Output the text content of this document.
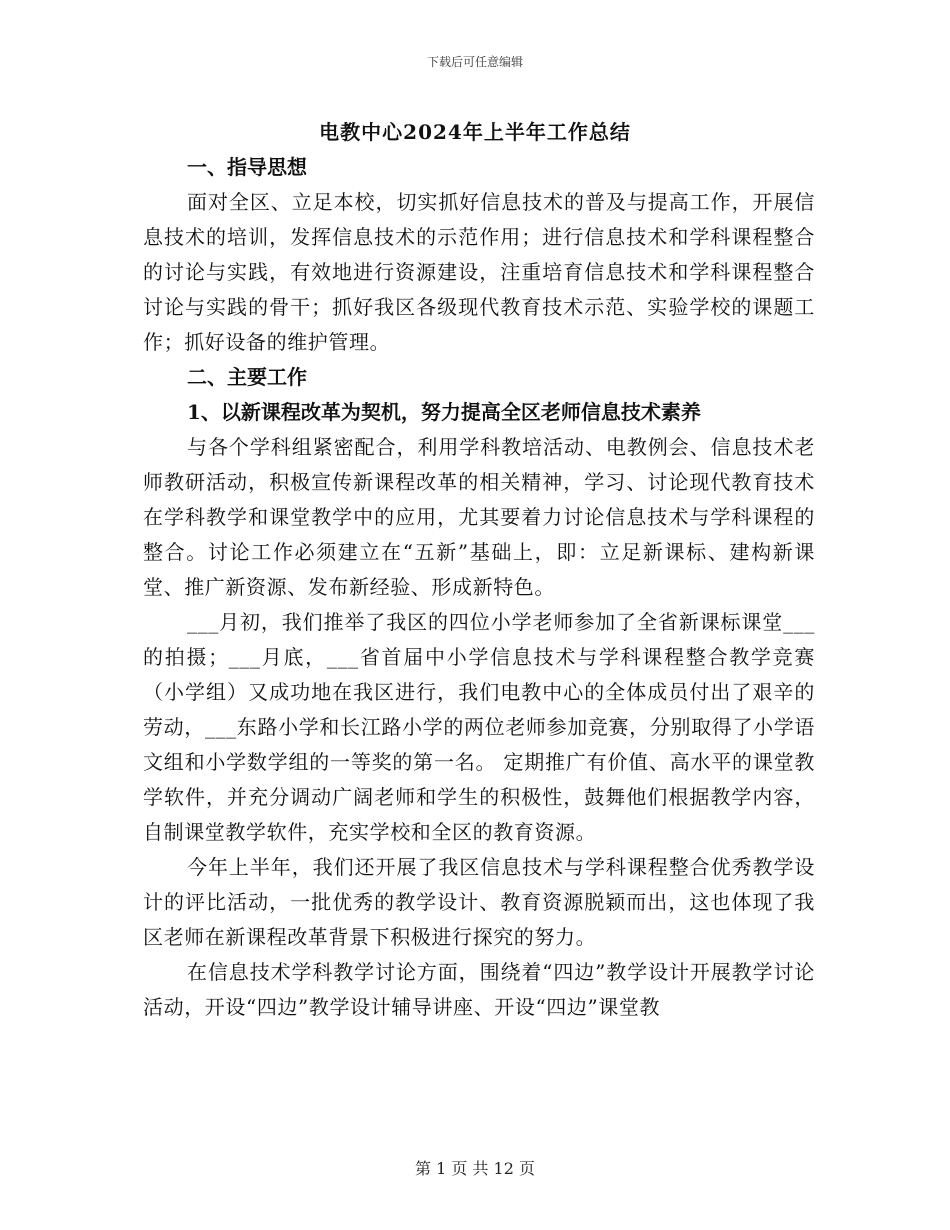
下载后可任意编辑
电教中心2024年上半年工作总结

一、指导思想

面对全区、立足本校，切实抓好信息技术的普及与提高工作，开展信息技术的培训，发挥信息技术的示范作用；进行信息技术和学科课程整合的讨论与实践，有效地进行资源建设，注重培育信息技术和学科课程整合讨论与实践的骨干；抓好我区各级现代教育技术示范、实验学校的课题工作；抓好设备的维护管理。

二、主要工作

1、以新课程改革为契机，努力提高全区老师信息技术素养

与各个学科组紧密配合，利用学科教培活动、电教例会、信息技术老师教研活动，积极宣传新课程改革的相关精神，学习、讨论现代教育技术在学科教学和课堂教学中的应用，尤其要着力讨论信息技术与学科课程的整合。讨论工作必须建立在“五新”基础上，即：立足新课标、建构新课堂、推广新资源、发布新经验、形成新特色。

___月初，我们推举了我区的四位小学老师参加了全省新课标课堂___的拍摄；___月底，___省首届中小学信息技术与学科课程整合教学竞赛（小学组）又成功地在我区进行，我们电教中心的全体成员付出了艰辛的劳动，___东路小学和长江路小学的两位老师参加竞赛，分别取得了小学语文组和小学数学组的一等奖的第一名。 定期推广有价值、高水平的课堂教学软件，并充分调动广阔老师和学生的积极性，鼓舞他们根据教学内容，自制课堂教学软件，充实学校和全区的教育资源。

今年上半年，我们还开展了我区信息技术与学科课程整合优秀教学设计的评比活动，一批优秀的教学设计、教育资源脱颖而出，这也体现了我区老师在新课程改革背景下积极进行探究的努力。

在信息技术学科教学讨论方面，围绕着“四边”教学设计开展教学讨论活动，开设“四边”教学设计辅导讲座、开设“四边”课堂教

第 1 页 共 12 页
